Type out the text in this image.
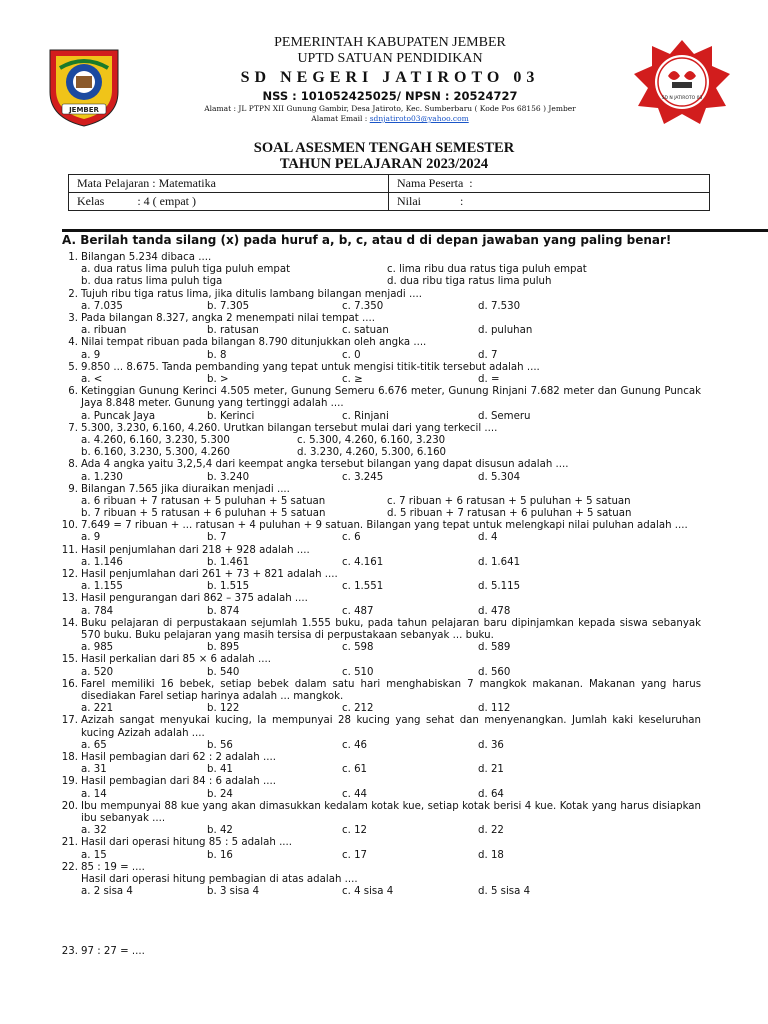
JEMBER
SD N JATIROTO 03
PEMERINTAH KABUPATEN JEMBER
UPTD SATUAN PENDIDIKAN
SD NEGERI JATIROTO 03
NSS : 101052425025/ NPSN : 20524727
Alamat : JL PTPN XII Gunung Gambir, Desa Jatiroto, Kec. Sumberbaru ( Kode Pos 68156 ) Jember
Alamat Email : sdnjatiroto03@yahoo.com
SOAL ASESMEN TENGAH SEMESTER
TAHUN PELAJARAN 2023/2024
Mata Pelajaran : Matematika	Nama Peserta  :
Kelas           : 4 ( empat )	Nilai             :
A. Berilah tanda silang (x) pada huruf a, b, c, atau d di depan jawaban yang paling benar!
1. Bilangan 5.234 dibaca ....
a. dua ratus lima puluh tiga puluh empat	c. lima ribu dua ratus tiga puluh empat
b. dua ratus lima puluh tiga	d. dua ribu tiga ratus lima puluh
2. Tujuh ribu tiga ratus lima, jika ditulis lambang bilangan menjadi ....
a. 7.035	b. 7.305	c. 7.350	d. 7.530
3. Pada bilangan 8.327, angka 2 menempati nilai tempat ....
a. ribuan	b. ratusan	c. satuan	d. puluhan
4. Nilai tempat ribuan pada bilangan 8.790 ditunjukkan oleh angka ....
a. 9	b. 8	c. 0	d. 7
5. 9.850 ... 8.675. Tanda pembanding yang tepat untuk mengisi titik-titik tersebut adalah ....
a. <	b. >	c. ≥	d. =
6. Ketinggian Gunung Kerinci 4.505 meter, Gunung Semeru 6.676 meter, Gunung Rinjani 7.682 meter dan Gunung Puncak Jaya 8.848 meter. Gunung yang tertinggi adalah ....
a. Puncak Jaya	b. Kerinci	c. Rinjani	d. Semeru
7. 5.300, 3.230, 6.160, 4.260. Urutkan bilangan tersebut mulai dari yang terkecil ....
a. 4.260, 6.160, 3.230, 5.300	c. 5.300, 4.260, 6.160, 3.230
b. 6.160, 3.230, 5.300, 4.260	d. 3.230, 4.260, 5.300, 6.160
8. Ada 4 angka yaitu 3,2,5,4 dari keempat angka tersebut bilangan yang dapat disusun adalah ....
a. 1.230	b. 3.240	c. 3.245	d. 5.304
9. Bilangan 7.565 jika diuraikan menjadi ....
a. 6 ribuan + 7 ratusan + 5 puluhan + 5 satuan	c. 7 ribuan + 6 ratusan + 5 puluhan + 5 satuan
b. 7 ribuan + 5 ratusan + 6 puluhan + 5 satuan	d. 5 ribuan + 7 ratusan + 6 puluhan + 5 satuan
10. 7.649 = 7 ribuan + ... ratusan + 4 puluhan + 9 satuan. Bilangan yang tepat untuk melengkapi nilai puluhan adalah ....
a. 9	b. 7	c. 6	d. 4
11. Hasil penjumlahan dari 218 + 928 adalah ....
a. 1.146	b. 1.461	c. 4.161	d. 1.641
12. Hasil penjumlahan dari 261 + 73 + 821 adalah ....
a. 1.155	b. 1.515	c. 1.551	d. 5.115
13. Hasil pengurangan dari 862 – 375 adalah ....
a. 784	b. 874	c. 487	d. 478
14. Buku pelajaran di perpustakaan sejumlah 1.555 buku, pada tahun pelajaran baru dipinjamkan kepada siswa sebanyak 570 buku. Buku pelajaran yang masih tersisa di perpustakaan sebanyak ... buku.
a. 985	b. 895	c. 598	d. 589
15. Hasil perkalian dari 85 × 6 adalah ....
a. 520	b. 540	c. 510	d. 560
16. Farel memiliki 16 bebek, setiap bebek dalam satu hari menghabiskan 7 mangkok makanan. Makanan yang harus disediakan Farel setiap harinya adalah ... mangkok.
a. 221	b. 122	c. 212	d. 112
17. Azizah sangat menyukai kucing, Ia mempunyai 28 kucing yang sehat dan menyenangkan. Jumlah kaki keseluruhan kucing Azizah adalah ....
a. 65	b. 56	c. 46	d. 36
18. Hasil pembagian dari 62 : 2 adalah ....
a. 31	b. 41	c. 61	d. 21
19. Hasil pembagian dari 84 : 6 adalah ....
a. 14	b. 24	c. 44	d. 64
20. Ibu mempunyai 88 kue yang akan dimasukkan kedalam kotak kue, setiap kotak berisi 4 kue. Kotak yang harus disiapkan ibu sebanyak ....
a. 32	b. 42	c. 12	d. 22
21. Hasil dari operasi hitung 85 : 5 adalah ....
a. 15	b. 16	c. 17	d. 18
22. 85 : 19 = ....
Hasil dari operasi hitung pembagian di atas adalah ....
a. 2 sisa 4	b. 3 sisa 4	c. 4 sisa 4	d. 5 sisa 4
23. 97 : 27 = ....
